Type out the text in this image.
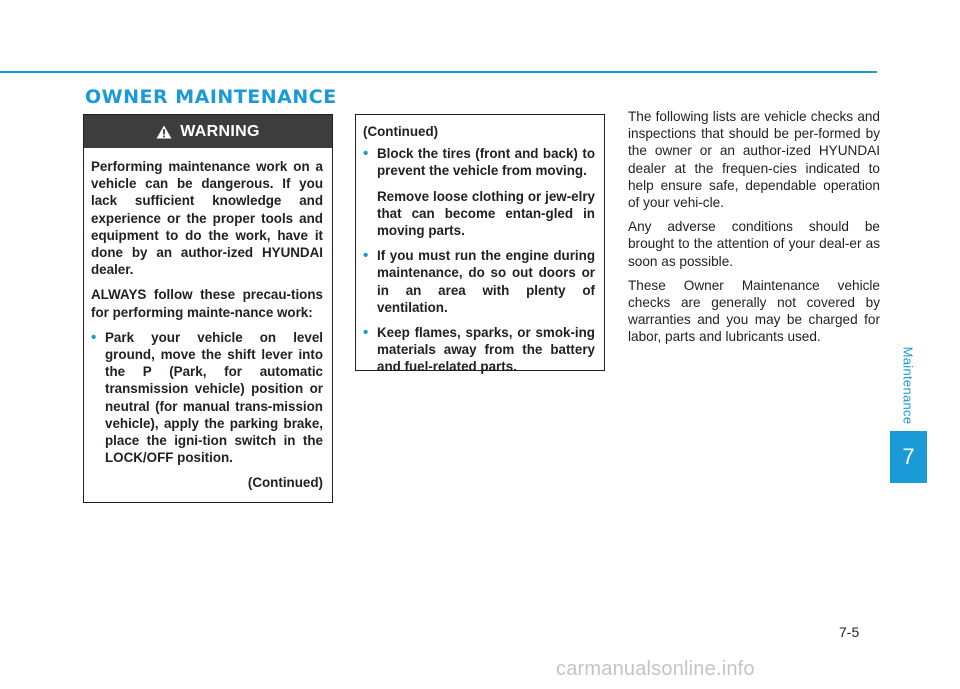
OWNER MAINTENANCE
WARNING

Performing maintenance work on a vehicle can be dangerous. If you lack sufficient knowledge and experience or the proper tools and equipment to do the work, have it done by an author-ized HYUNDAI dealer.

ALWAYS follow these precau-tions for performing mainte-nance work:

• Park your vehicle on level ground, move the shift lever into the P (Park, for automatic transmission vehicle) position or neutral (for manual trans-mission vehicle), apply the parking brake, place the igni-tion switch in the LOCK/OFF position.
(Continued)
(Continued)
• Block the tires (front and back) to prevent the vehicle from moving.

Remove loose clothing or jew-elry that can become entan-gled in moving parts.

• If you must run the engine during maintenance, do so out doors or in an area with plenty of ventilation.
• Keep flames, sparks, or smok-ing materials away from the battery and fuel-related parts.

The following lists are vehicle checks and inspections that should be per-formed by the owner or an author-ized HYUNDAI dealer at the frequen-cies indicated to help ensure safe, dependable operation of your vehi-cle.

Any adverse conditions should be brought to the attention of your deal-er as soon as possible.

These Owner Maintenance vehicle checks are generally not covered by warranties and you may be charged for labor, parts and lubricants used.

Maintenance
7
7-5
carmanualsonline.info
